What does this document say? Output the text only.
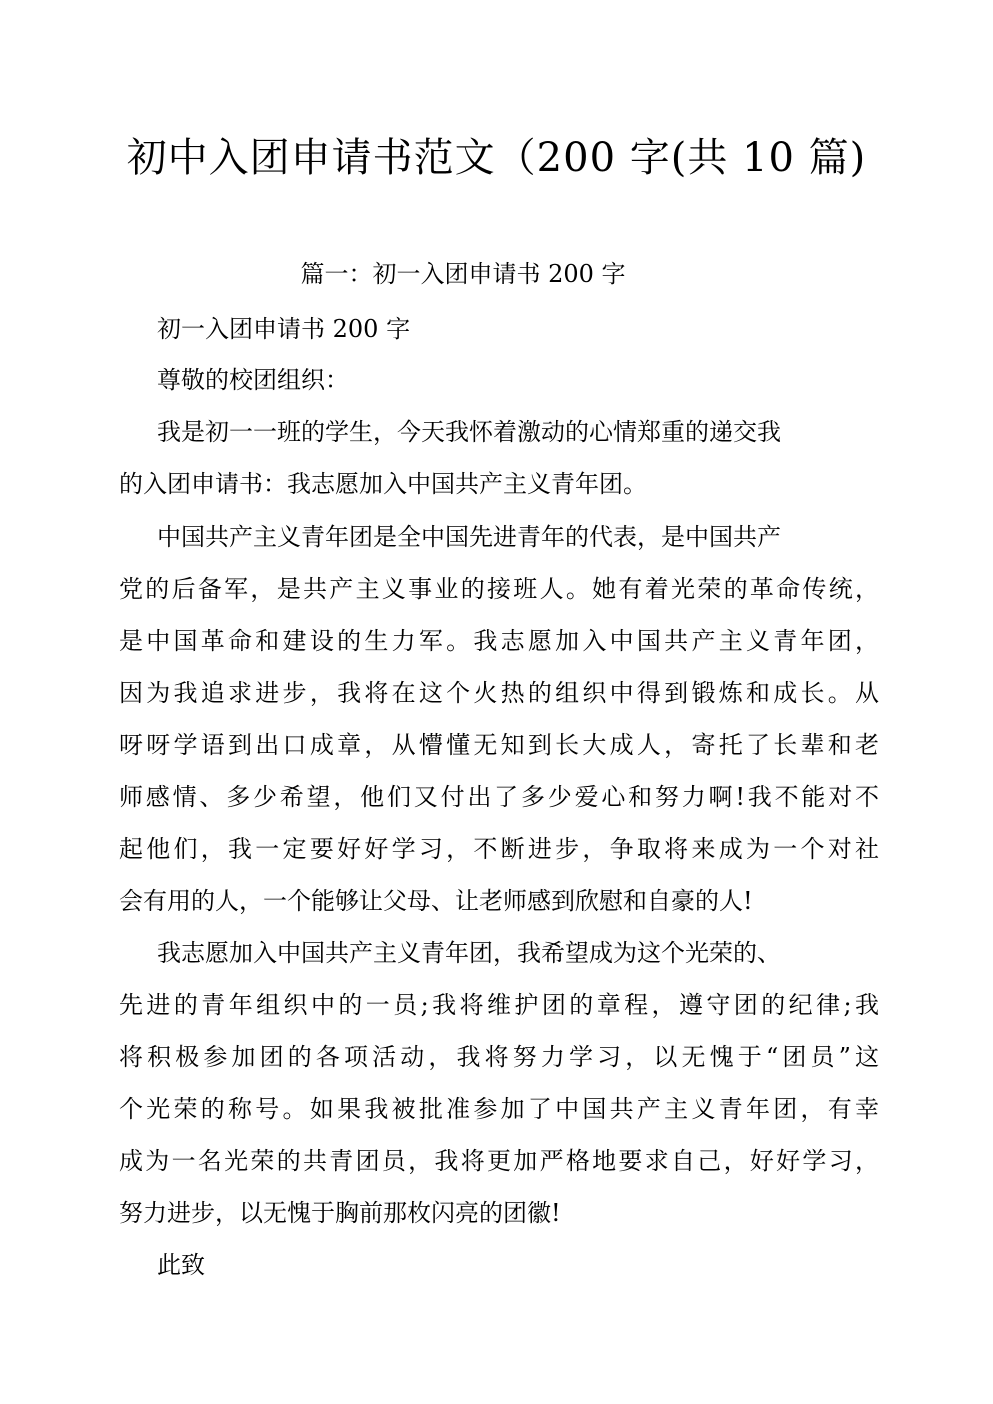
初中入团申请书范文（200 字(共 10 篇)
篇一：初一入团申请书 200 字
初一入团申请书 200 字
尊敬的校团组织：
我是初一一班的学生，今天我怀着激动的心情郑重的递交我
的入团申请书：我志愿加入中国共产主义青年团。
中国共产主义青年团是全中国先进青年的代表，是中国共产
党的后备军，是共产主义事业的接班人。她有着光荣的革命传统，
是中国革命和建设的生力军。我志愿加入中国共产主义青年团，
因为我追求进步，我将在这个火热的组织中得到锻炼和成长。从
呀呀学语到出口成章，从懵懂无知到长大成人，寄托了长辈和老
师感情、多少希望，他们又付出了多少爱心和努力啊!我不能对不
起他们，我一定要好好学习，不断进步，争取将来成为一个对社
会有用的人，一个能够让父母、让老师感到欣慰和自豪的人!
我志愿加入中国共产主义青年团，我希望成为这个光荣的、
先进的青年组织中的一员;我将维护团的章程，遵守团的纪律;我
将积极参加团的各项活动，我将努力学习，以无愧于“团员”这
个光荣的称号。如果我被批准参加了中国共产主义青年团，有幸
成为一名光荣的共青团员，我将更加严格地要求自己，好好学习，
努力进步，以无愧于胸前那枚闪亮的团徽!
此致
